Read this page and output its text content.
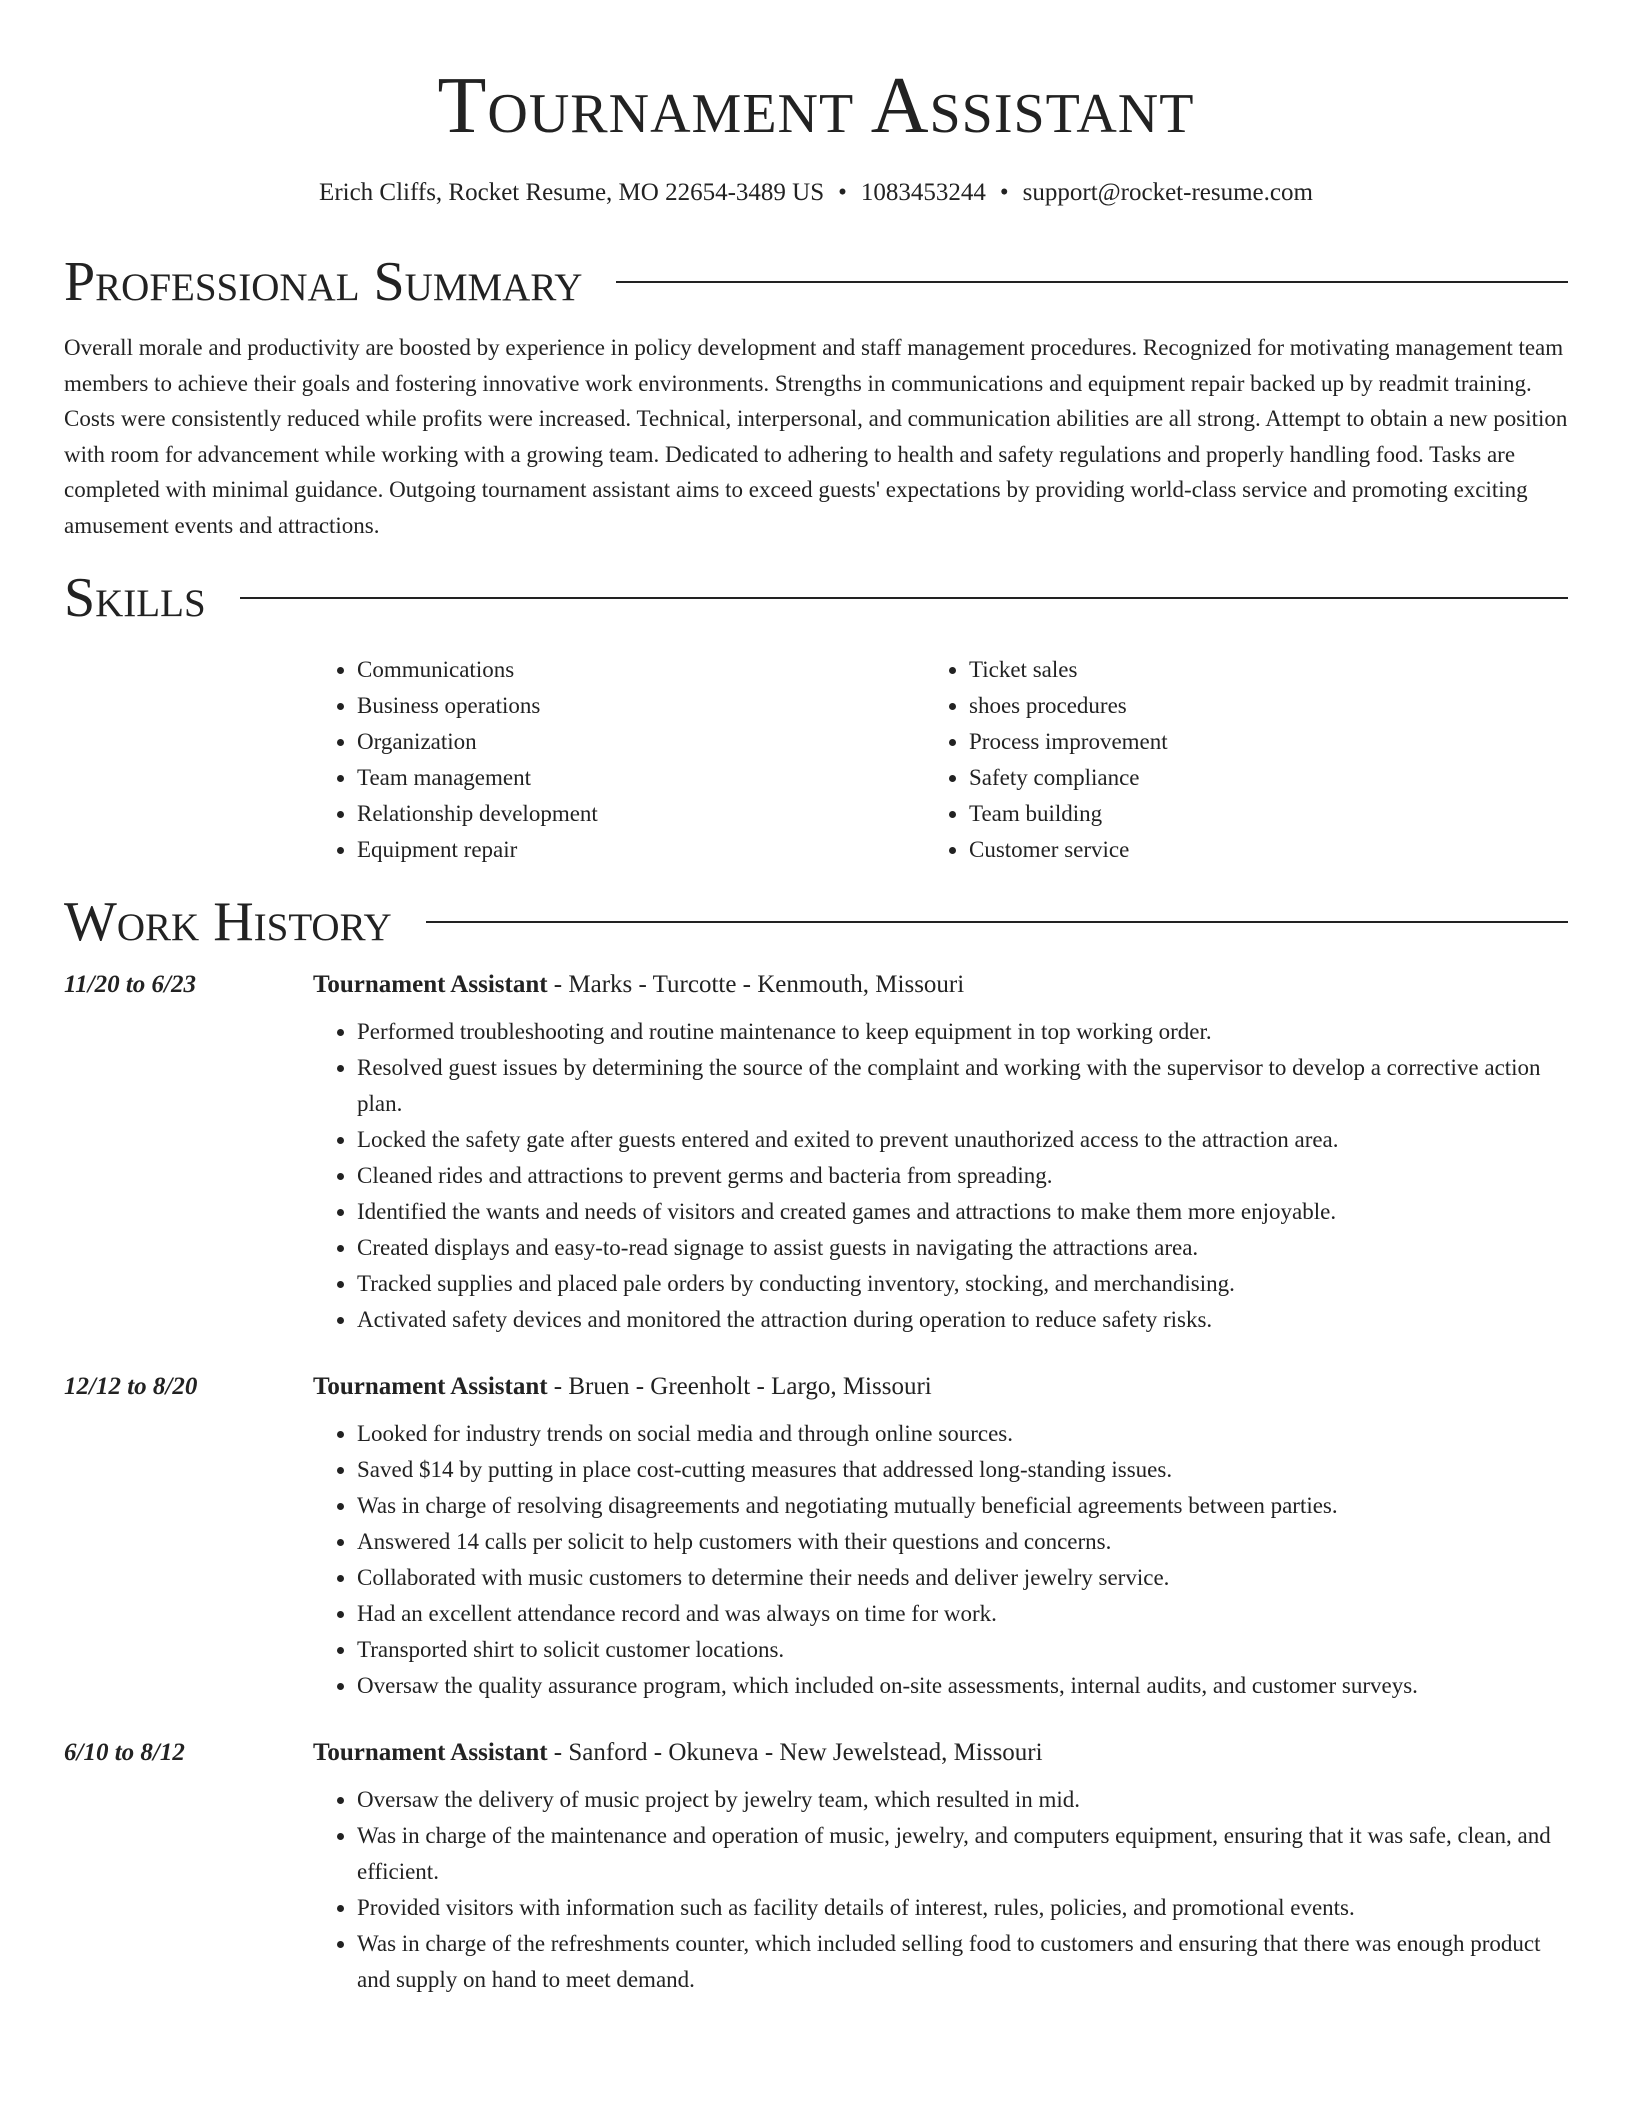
Tournament Assistant
Erich Cliffs, Rocket Resume, MO 22654-3489 US • 1083453244 • support@rocket-resume.com
Professional Summary

Overall morale and productivity are boosted by experience in policy development and staff management procedures. Recognized for motivating management team members to achieve their goals and fostering innovative work environments. Strengths in communications and equipment repair backed up by readmit training. Costs were consistently reduced while profits were increased. Technical, interpersonal, and communication abilities are all strong. Attempt to obtain a new position with room for advancement while working with a growing team. Dedicated to adhering to health and safety regulations and properly handling food. Tasks are completed with minimal guidance. Outgoing tournament assistant aims to exceed guests' expectations by providing world-class service and promoting exciting amusement events and attractions.

Skills
• Communications
• Business operations
• Organization
• Team management
• Relationship development
• Equipment repair
• Ticket sales
• shoes procedures
• Process improvement
• Safety compliance
• Team building
• Customer service
Work History
11/20 to 6/23	Tournament Assistant - Marks - Turcotte - Kenmouth, Missouri
• Performed troubleshooting and routine maintenance to keep equipment in top working order.
• Resolved guest issues by determining the source of the complaint and working with the supervisor to develop a corrective action plan.
• Locked the safety gate after guests entered and exited to prevent unauthorized access to the attraction area.
• Cleaned rides and attractions to prevent germs and bacteria from spreading.
• Identified the wants and needs of visitors and created games and attractions to make them more enjoyable.
• Created displays and easy-to-read signage to assist guests in navigating the attractions area.
• Tracked supplies and placed pale orders by conducting inventory, stocking, and merchandising.
• Activated safety devices and monitored the attraction during operation to reduce safety risks.
12/12 to 8/20	Tournament Assistant - Bruen - Greenholt - Largo, Missouri
• Looked for industry trends on social media and through online sources.
• Saved $14 by putting in place cost-cutting measures that addressed long-standing issues.
• Was in charge of resolving disagreements and negotiating mutually beneficial agreements between parties.
• Answered 14 calls per solicit to help customers with their questions and concerns.
• Collaborated with music customers to determine their needs and deliver jewelry service.
• Had an excellent attendance record and was always on time for work.
• Transported shirt to solicit customer locations.
• Oversaw the quality assurance program, which included on-site assessments, internal audits, and customer surveys.
6/10 to 8/12	Tournament Assistant - Sanford - Okuneva - New Jewelstead, Missouri
• Oversaw the delivery of music project by jewelry team, which resulted in mid.
• Was in charge of the maintenance and operation of music, jewelry, and computers equipment, ensuring that it was safe, clean, and efficient.
• Provided visitors with information such as facility details of interest, rules, policies, and promotional events.
• Was in charge of the refreshments counter, which included selling food to customers and ensuring that there was enough product and supply on hand to meet demand.
